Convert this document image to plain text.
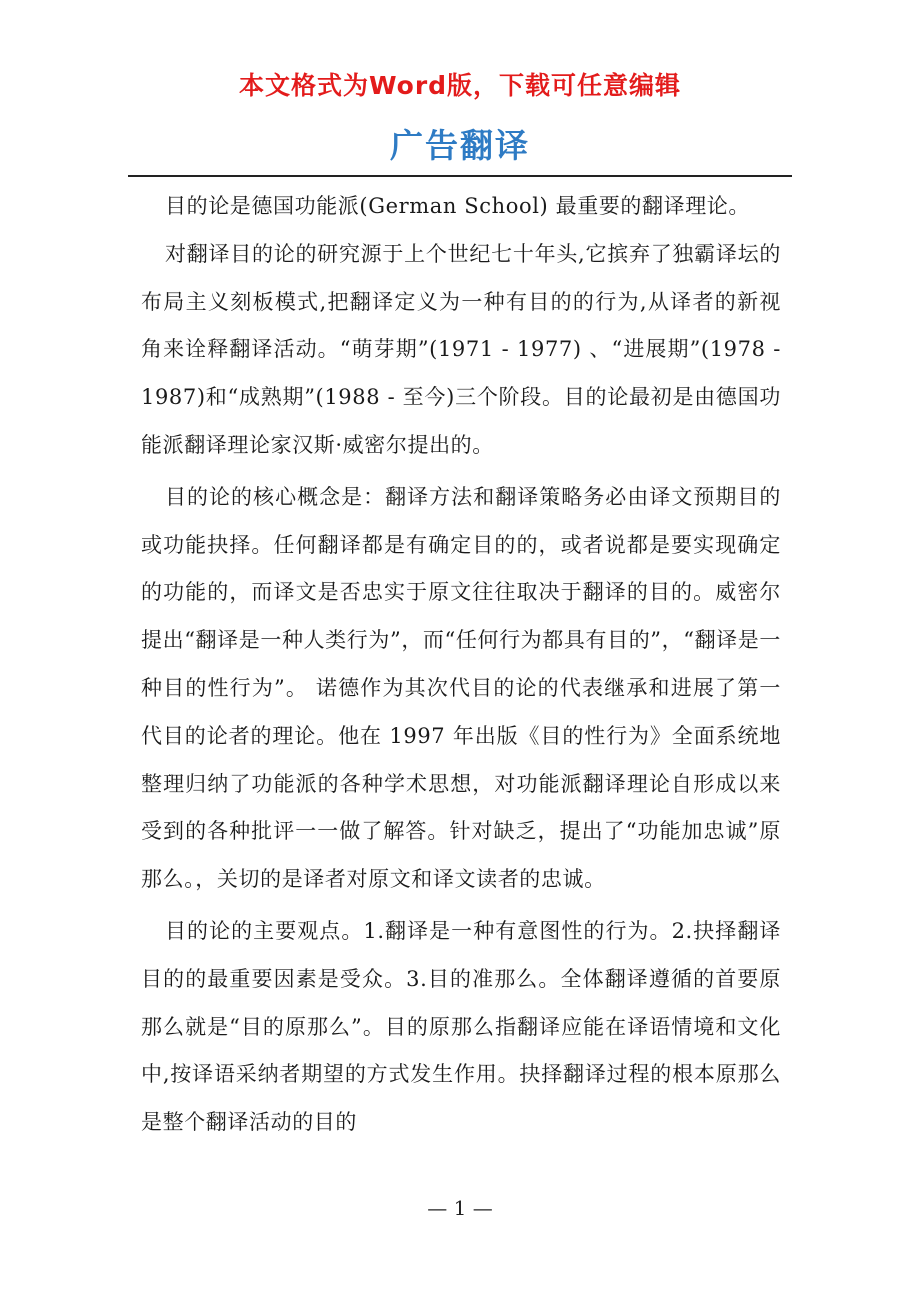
本文格式为Word版，下载可任意编辑
广告翻译

目的论是德国功能派(German School) 最重要的翻译理论。

对翻译目的论的研究源于上个世纪七十年头,它摈弃了独霸译坛的布局主义刻板模式,把翻译定义为一种有目的的行为,从译者的新视角来诠释翻译活动。“萌芽期”(1971 - 1977) 、“进展期”(1978 - 1987)和“成熟期”(1988 - 至今)三个阶段。目的论最初是由德国功能派翻译理论家汉斯·威密尔提出的。

目的论的核心概念是：翻译方法和翻译策略务必由译文预期目的或功能抉择。任何翻译都是有确定目的的，或者说都是要实现确定的功能的，而译文是否忠实于原文往往取决于翻译的目的。威密尔提出“翻译是一种人类行为”，而“任何行为都具有目的”，“翻译是一种目的性行为”。 诺德作为其次代目的论的代表继承和进展了第一代目的论者的理论。他在 1997 年出版《目的性行为》全面系统地整理归纳了功能派的各种学术思想，对功能派翻译理论自形成以来受到的各种批评一一做了解答。针对缺乏，提出了“功能加忠诚”原那么。，关切的是译者对原文和译文读者的忠诚。

目的论的主要观点。1.翻译是一种有意图性的行为。2.抉择翻译目的的最重要因素是受众。3.目的准那么。全体翻译遵循的首要原那么就是“目的原那么”。目的原那么指翻译应能在译语情境和文化中,按译语采纳者期望的方式发生作用。抉择翻译过程的根本原那么是整个翻译活动的目的

— 1 —
